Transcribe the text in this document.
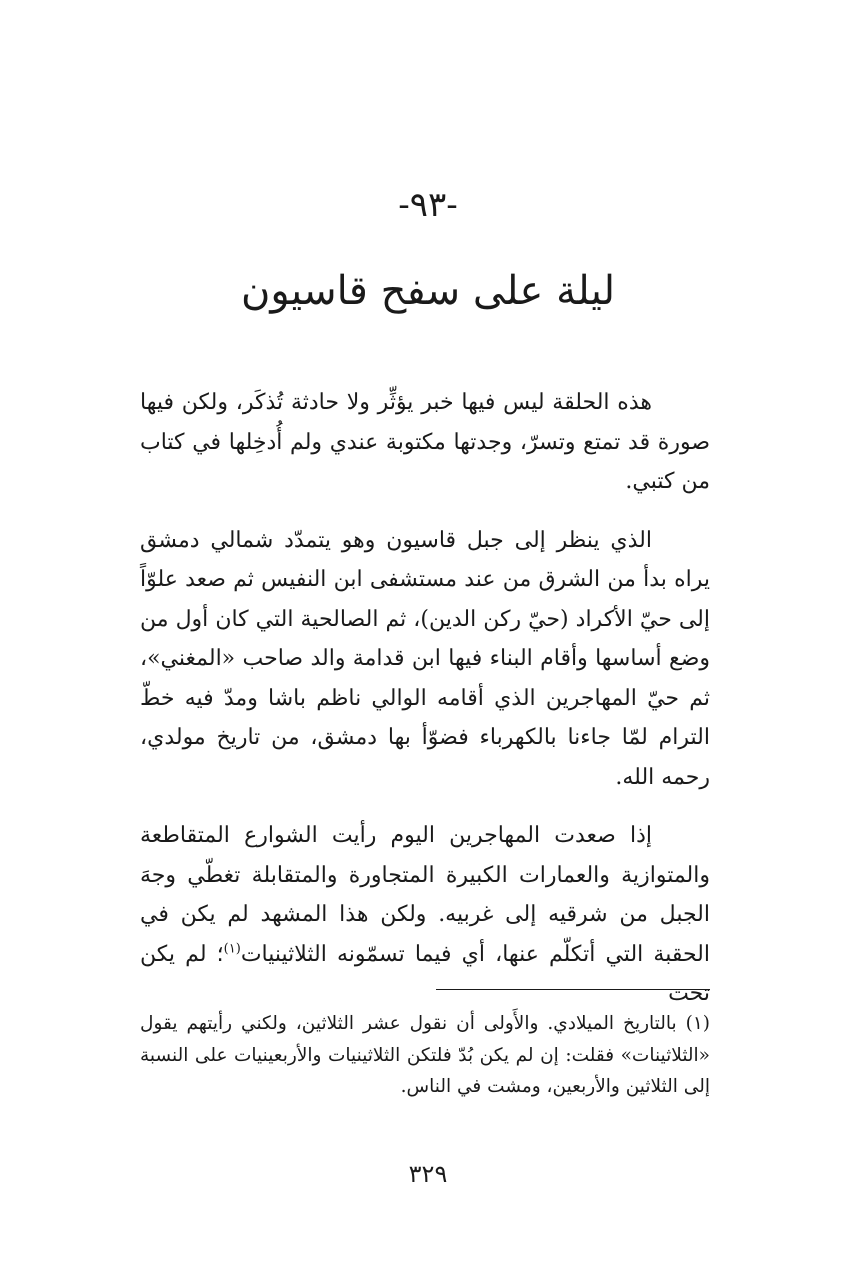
-٩٣-
ليلة على سفح قاسيون

هذه الحلقة ليس فيها خبر يؤثِّر ولا حادثة تُذكَر، ولكن فيها صورة قد تمتع وتسرّ، وجدتها مكتوبة عندي ولم أُدخِلها في كتاب من كتبي.

الذي ينظر إلى جبل قاسيون وهو يتمدّد شمالي دمشق يراه بدأ من الشرق من عند مستشفى ابن النفيس ثم صعد علوّاً إلى حيّ الأكراد (حيّ ركن الدين)، ثم الصالحية التي كان أول من وضع أساسها وأقام البناء فيها ابن قدامة والد صاحب «المغني»، ثم حيّ المهاجرين الذي أقامه الوالي ناظم باشا ومدّ فيه خطّ الترام لمّا جاءنا بالكهرباء فضوّأ بها دمشق، من تاريخ مولدي، رحمه الله.

إذا صعدت المهاجرين اليوم رأيت الشوارع المتقاطعة والمتوازية والعمارات الكبيرة المتجاورة والمتقابلة تغطّي وجهَ الجبل من شرقيه إلى غربيه. ولكن هذا المشهد لم يكن في الحقبة التي أتكلّم عنها، أي فيما تسمّونه الثلاثينيات$^{(١)}$؛ لم يكن تحت

(١) بالتاريخ الميلادي. والأَولى أن نقول عشر الثلاثين، ولكني رأيتهم يقول «الثلاثينات» فقلت: إن لم يكن بُدّ فلتكن الثلاثينيات والأربعينيات على النسبة إلى الثلاثين والأربعين، ومشت في الناس.

٣٢٩
